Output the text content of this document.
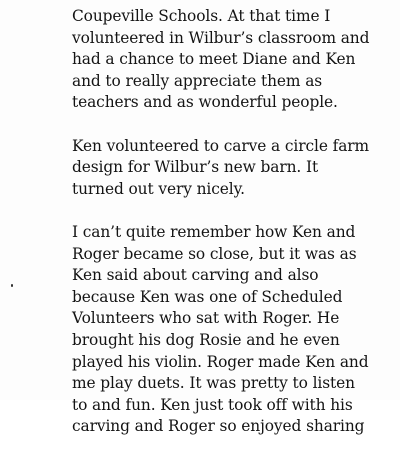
Coupeville Schools. At that time I
volunteered in Wilbur’s classroom and
had a chance to meet Diane and Ken
and to really appreciate them as
teachers and as wonderful people.

Ken volunteered to carve a circle farm
design for Wilbur’s new barn. It
turned out very nicely.

I can’t quite remember how Ken and
Roger became so close, but it was as
Ken said about carving and also
because Ken was one of Scheduled
Volunteers who sat with Roger. He
brought his dog Rosie and he even
played his violin. Roger made Ken and
me play duets. It was pretty to listen
to and fun. Ken just took off with his
carving and Roger so enjoyed sharing
